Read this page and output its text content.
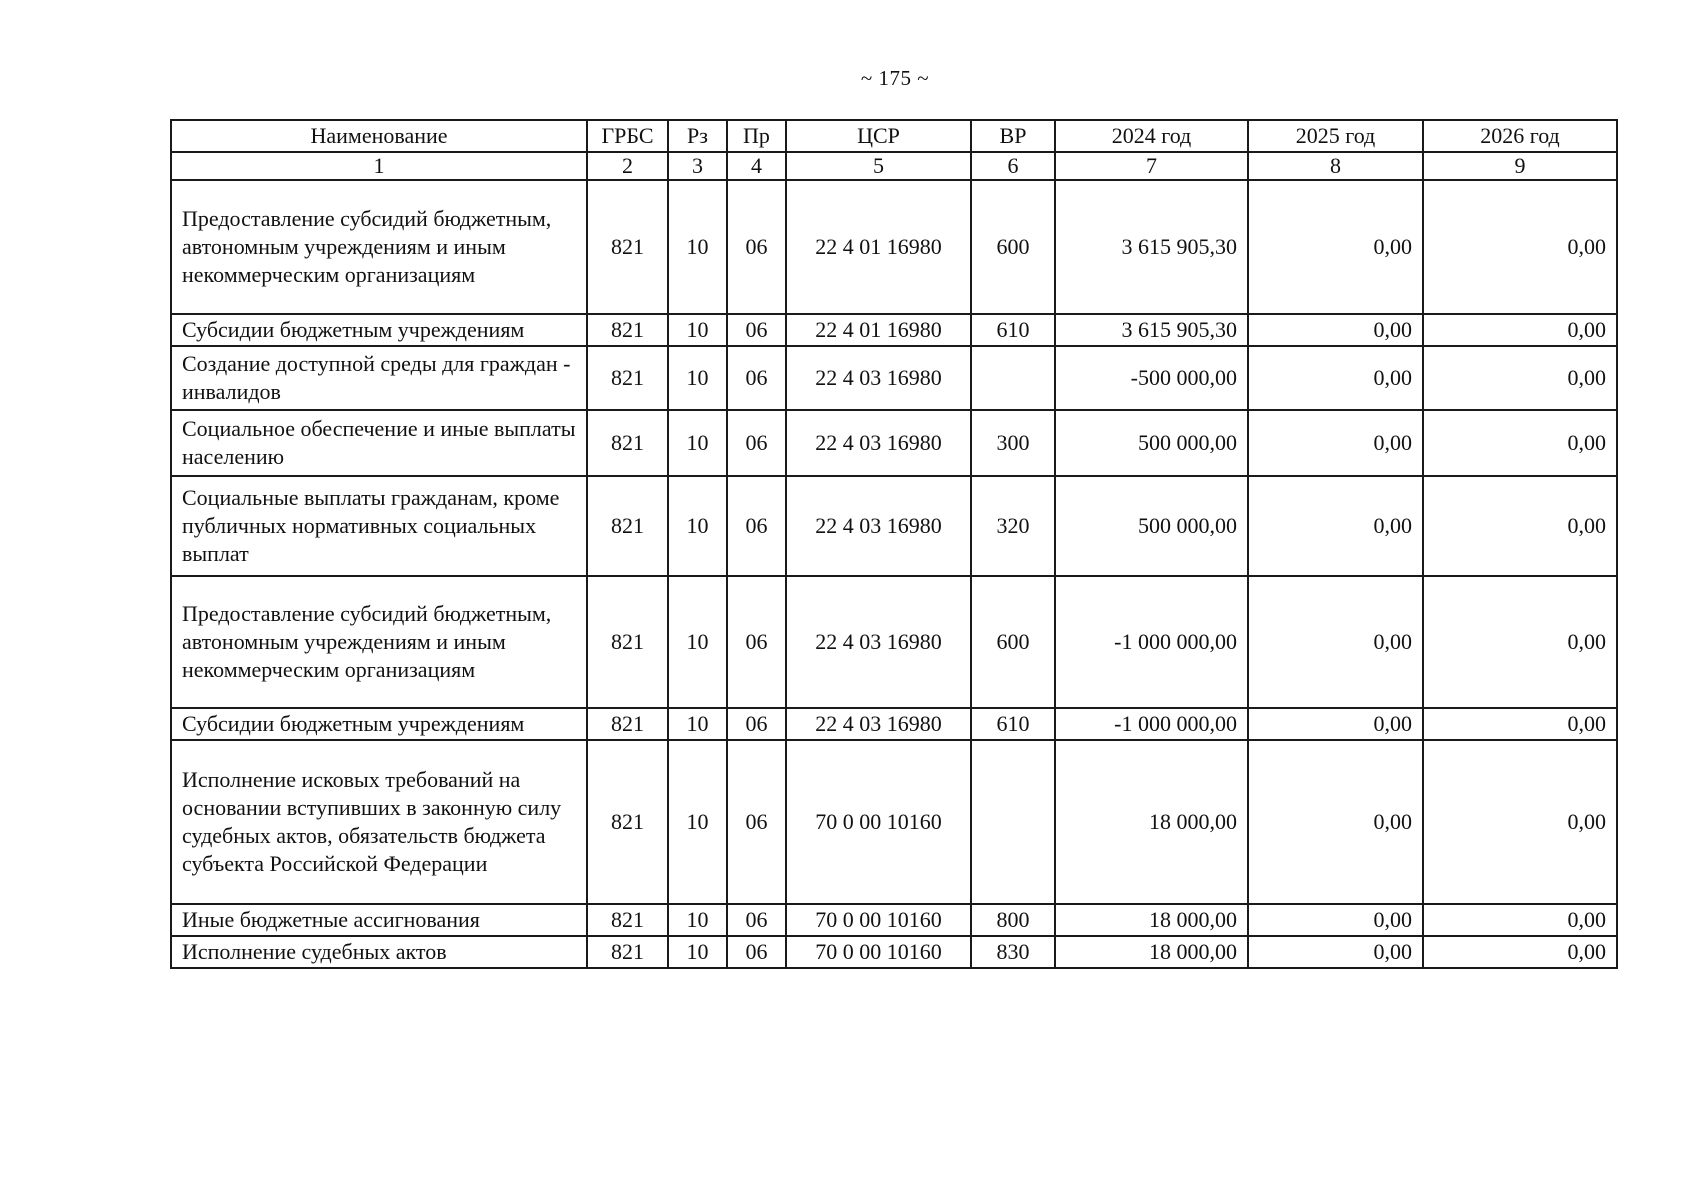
~ 175 ~
Наименование	ГРБС	Рз	Пр	ЦСР	ВР	2024 год	2025 год	2026 год
1	2	3	4	5	6	7	8	9
Предоставление субсидий бюджетным, автономным учреждениям и иным некоммерческим организациям	821	10	06	22 4 01 16980	600	3 615 905,30	0,00	0,00
Субсидии бюджетным учреждениям	821	10	06	22 4 01 16980	610	3 615 905,30	0,00	0,00
Создание доступной среды для граждан - инвалидов	821	10	06	22 4 03 16980		-500 000,00	0,00	0,00
Социальное обеспечение и иные выплаты населению	821	10	06	22 4 03 16980	300	500 000,00	0,00	0,00
Социальные выплаты гражданам, кроме публичных нормативных социальных выплат	821	10	06	22 4 03 16980	320	500 000,00	0,00	0,00
Предоставление субсидий бюджетным, автономным учреждениям и иным некоммерческим организациям	821	10	06	22 4 03 16980	600	-1 000 000,00	0,00	0,00
Субсидии бюджетным учреждениям	821	10	06	22 4 03 16980	610	-1 000 000,00	0,00	0,00
Исполнение исковых требований на основании вступивших в законную силу судебных актов, обязательств бюджета субъекта Российской Федерации	821	10	06	70 0 00 10160		18 000,00	0,00	0,00
Иные бюджетные ассигнования	821	10	06	70 0 00 10160	800	18 000,00	0,00	0,00
Исполнение судебных актов	821	10	06	70 0 00 10160	830	18 000,00	0,00	0,00
